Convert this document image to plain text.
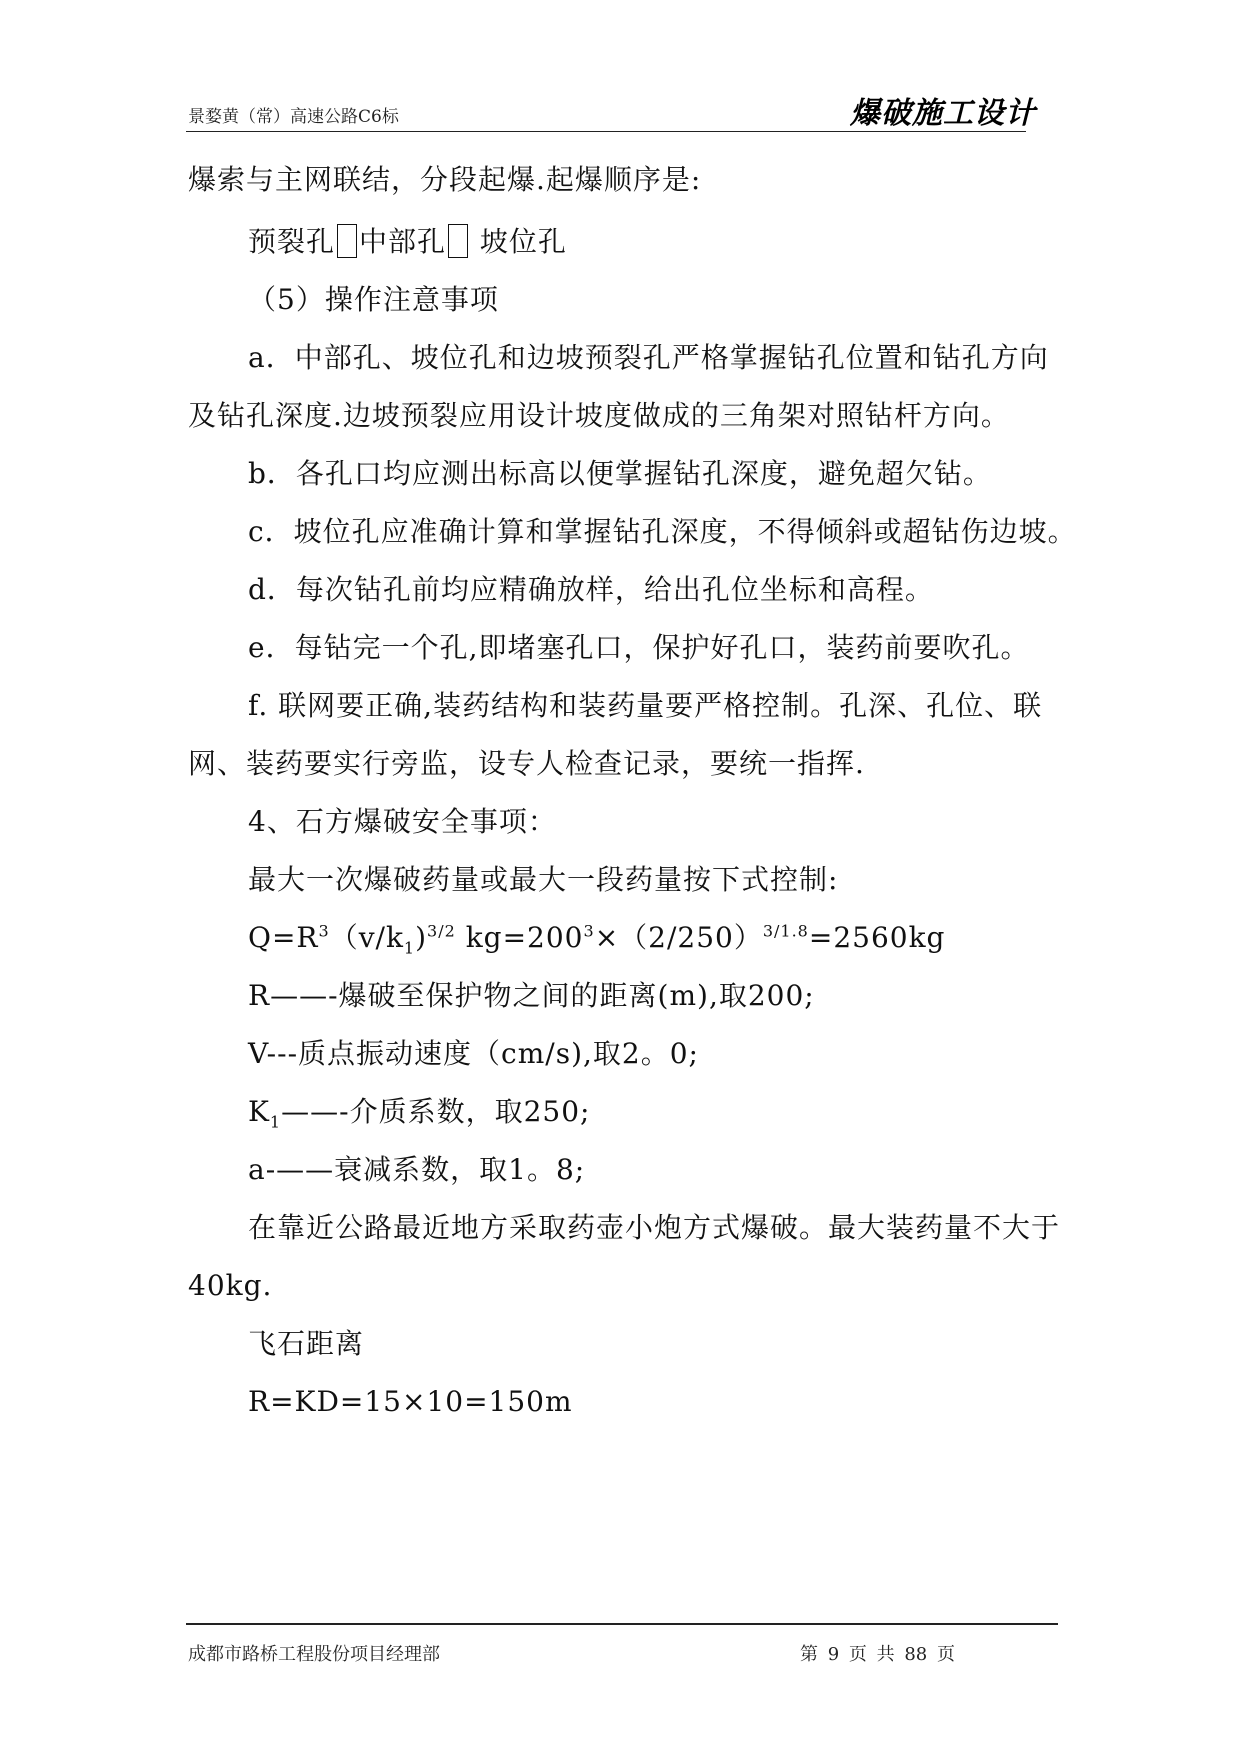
景婺黄（常）高速公路C6标	爆破施工设计
爆索与主网联结，分段起爆.起爆顺序是:
预裂孔 中部孔 坡位孔
（5）操作注意事项
a．中部孔、坡位孔和边坡预裂孔严格掌握钻孔位置和钻孔方向
及钻孔深度.边坡预裂应用设计坡度做成的三角架对照钻杆方向。
b．各孔口均应测出标高以便掌握钻孔深度，避免超欠钻。
c．坡位孔应准确计算和掌握钻孔深度，不得倾斜或超钻伤边坡。
d．每次钻孔前均应精确放样，给出孔位坐标和高程。
e．每钻完一个孔,即堵塞孔口，保护好孔口，装药前要吹孔。
f. 联网要正确,装药结构和装药量要严格控制。孔深、孔位、联
网、装药要实行旁监，设专人检查记录，要统一指挥.
4、石方爆破安全事项：
最大一次爆破药量或最大一段药量按下式控制:
$Q=R^3(v/k_1)^{3/2}$ $kg=200^3\times(2/250)^{3/1.8}=2560kg$
R——-爆破至保护物之间的距离(m),取200;
V---质点振动速度（cm/s),取2。0;
$K_1——-$介质系数，取250;
a-——衰减系数，取1。8;
在靠近公路最近地方采取药壶小炮方式爆破。最大装药量不大于
40kg.
飞石距离
R=KD=15×10=150m
成都市路桥工程股份项目经理部	第 9 页 共 88 页
